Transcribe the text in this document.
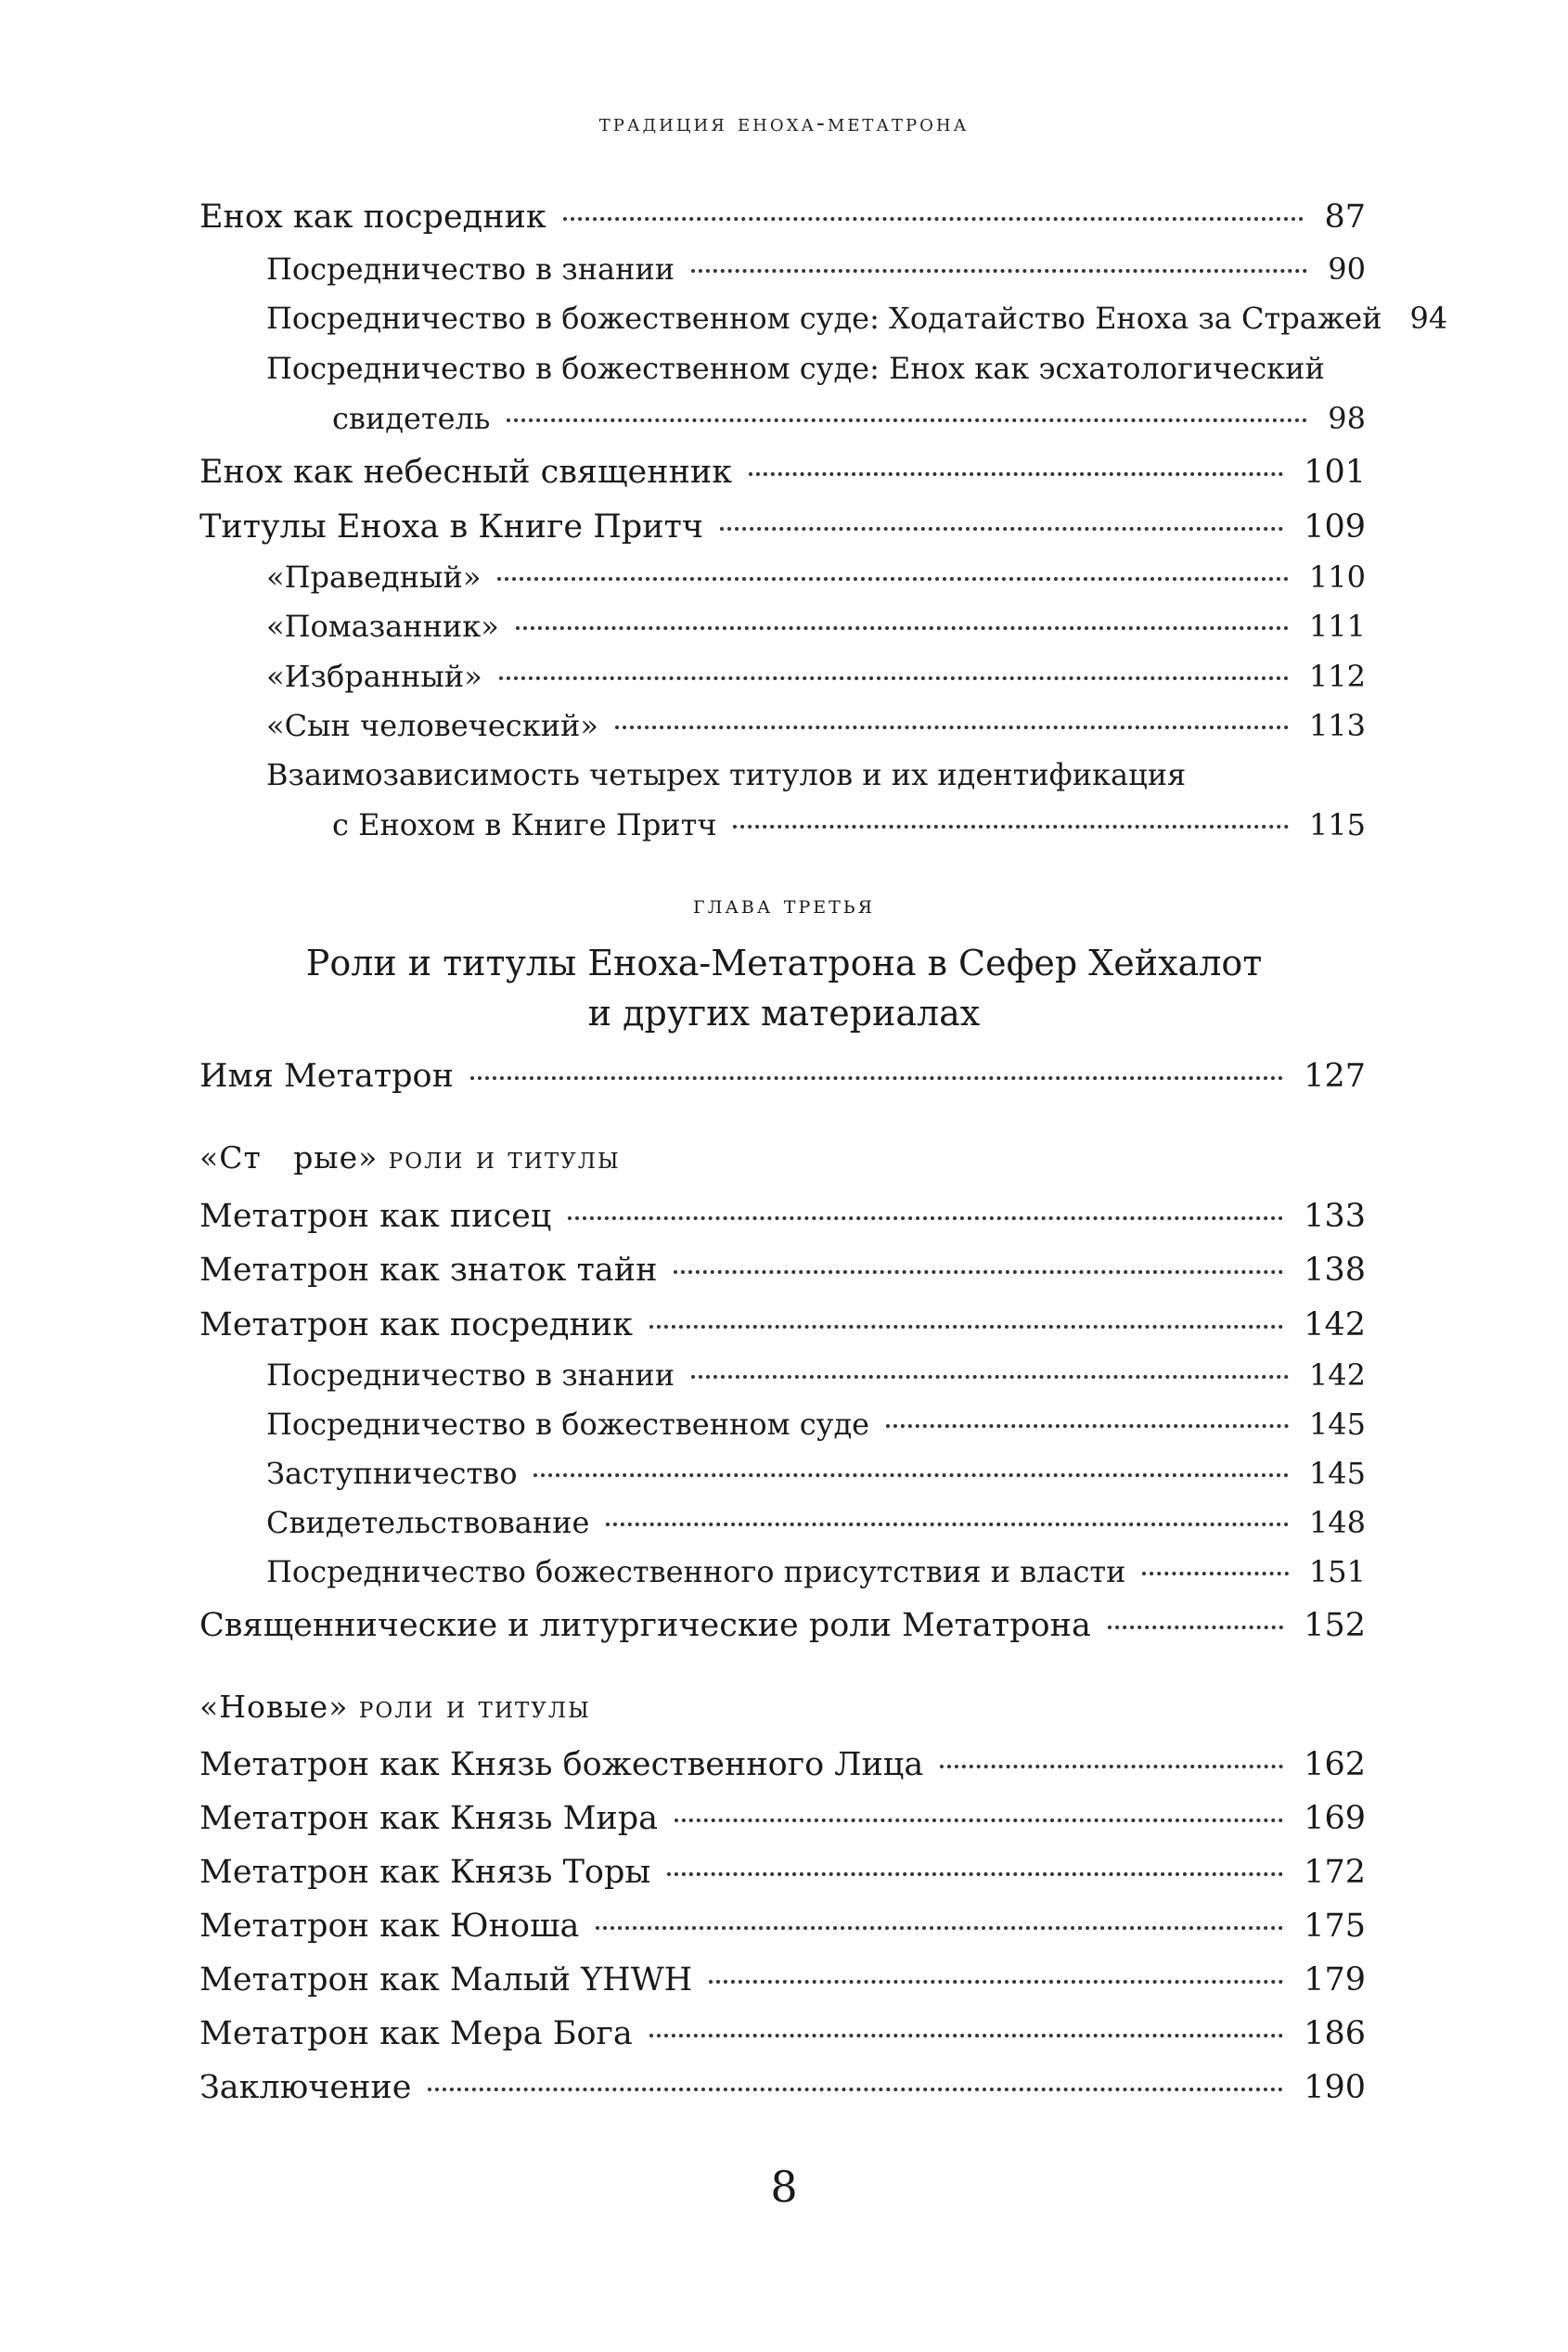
традиция еноха-метатрона
Енох как посредник	87
Посредничество в знании	90
Посредничество в божественном суде: Ходатайство Еноха за Стражей 94
Посредничество в божественном суде: Енох как эсхатологический
свидетель	98
Енох как небесный священник	101
Титулы Еноха в Книге Притч	109
«Праведный»	110
«Помазанник»	111
«Избранный»	112
«Сын человеческий»	113
Взаимозависимость четырех титулов и их идентификация
с Енохом в Книге Притч	115
глава третья
Роли и титулы Еноха-Метатрона в Сефер Хейхалот
и других материалах
Имя Метатрон	127
«Ст рые» роли и титулы
Метатрон как писец	133
Метатрон как знаток тайн	138
Метатрон как посредник	142
Посредничество в знании	142
Посредничество в божественном суде	145
Заступничество	145
Свидетельствование	148
Посредничество божественного присутствия и власти	151
Священнические и литургические роли Метатрона	152
«Новые» роли и титулы
Метатрон как Князь божественного Лица	162
Метатрон как Князь Мира	169
Метатрон как Князь Торы	172
Метатрон как Юноша	175
Метатрон как Малый YHWH	179
Метатрон как Мера Бога	186
Заключение	190
8
